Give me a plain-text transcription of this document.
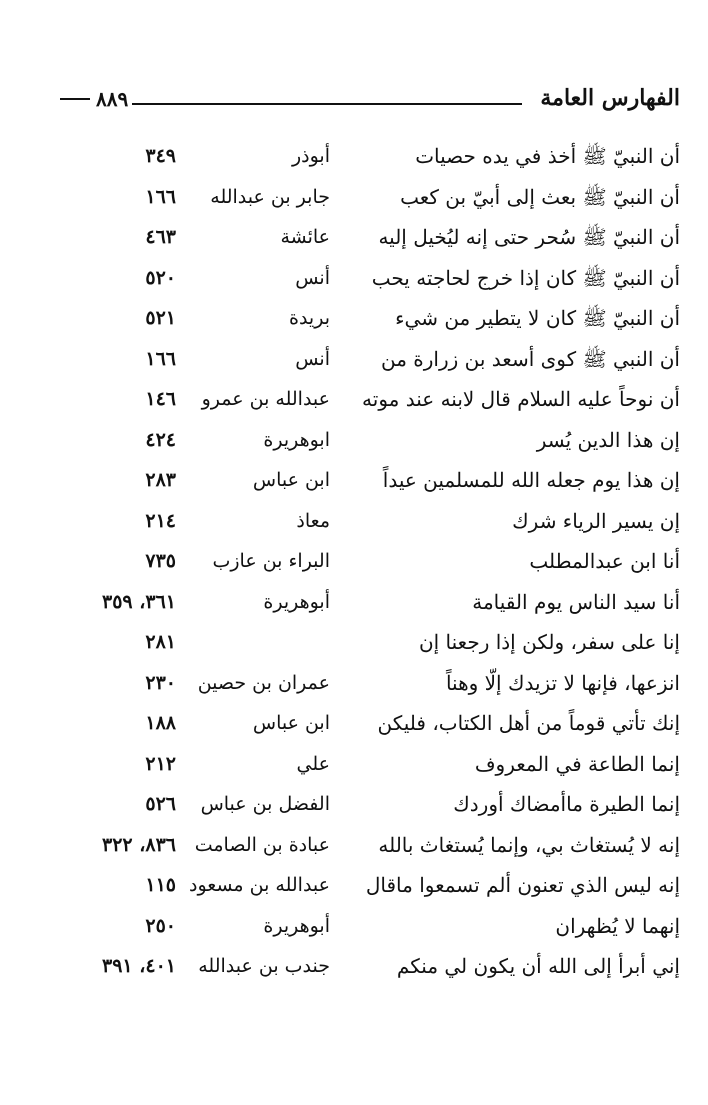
الفهارس العامة
٨٨٩
أن النبيّ ﷺ أخذ في يده حصيات
أبوذر
٣٤٩
أن النبيّ ﷺ بعث إلى أبيّ بن كعب
جابر بن عبدالله
١٦٦
أن النبيّ ﷺ سُحر حتى إنه ليُخيل إليه
عائشة
٤٦٣
أن النبيّ ﷺ كان إذا خرج لحاجته يحب
أنس
٥٢٠
أن النبيّ ﷺ كان لا يتطير من شيء
بريدة
٥٢١
أن النبي ﷺ كوى أسعد بن زرارة من
أنس
١٦٦
أن نوحاً عليه السلام قال لابنه عند موته
عبدالله بن عمرو
١٤٦
إن هذا الدين يُسر
ابوهريرة
٤٢٤
إن هذا يوم جعله الله للمسلمين عيداً
ابن عباس
٢٨٣
إن يسير الرياء شرك
معاذ
٢١٤
أنا ابن عبدالمطلب
البراء بن عازب
٧٣٥
أنا سيد الناس يوم القيامة
أبوهريرة
٣٦١، ٣٥٩
إنا على سفر، ولكن إذا رجعنا إن
٢٨١
انزعها، فإنها لا تزيدك إلّا وهناً
عمران بن حصين
٢٣٠
إنك تأتي قوماً من أهل الكتاب، فليكن
ابن عباس
١٨٨
إنما الطاعة في المعروف
علي
٢١٢
إنما الطيرة ماأمضاك أوردك
الفضل بن عباس
٥٢٦
إنه لا يُستغاث بي، وإنما يُستغاث بالله
عبادة بن الصامت
٨٣٦، ٣٢٢
إنه ليس الذي تعنون ألم تسمعوا ماقال
عبدالله بن مسعود
١١٥
إنهما لا يُظهران
أبوهريرة
٢٥٠
إني أبرأ إلى الله أن يكون لي منكم
جندب بن عبدالله
٤٠١، ٣٩١
